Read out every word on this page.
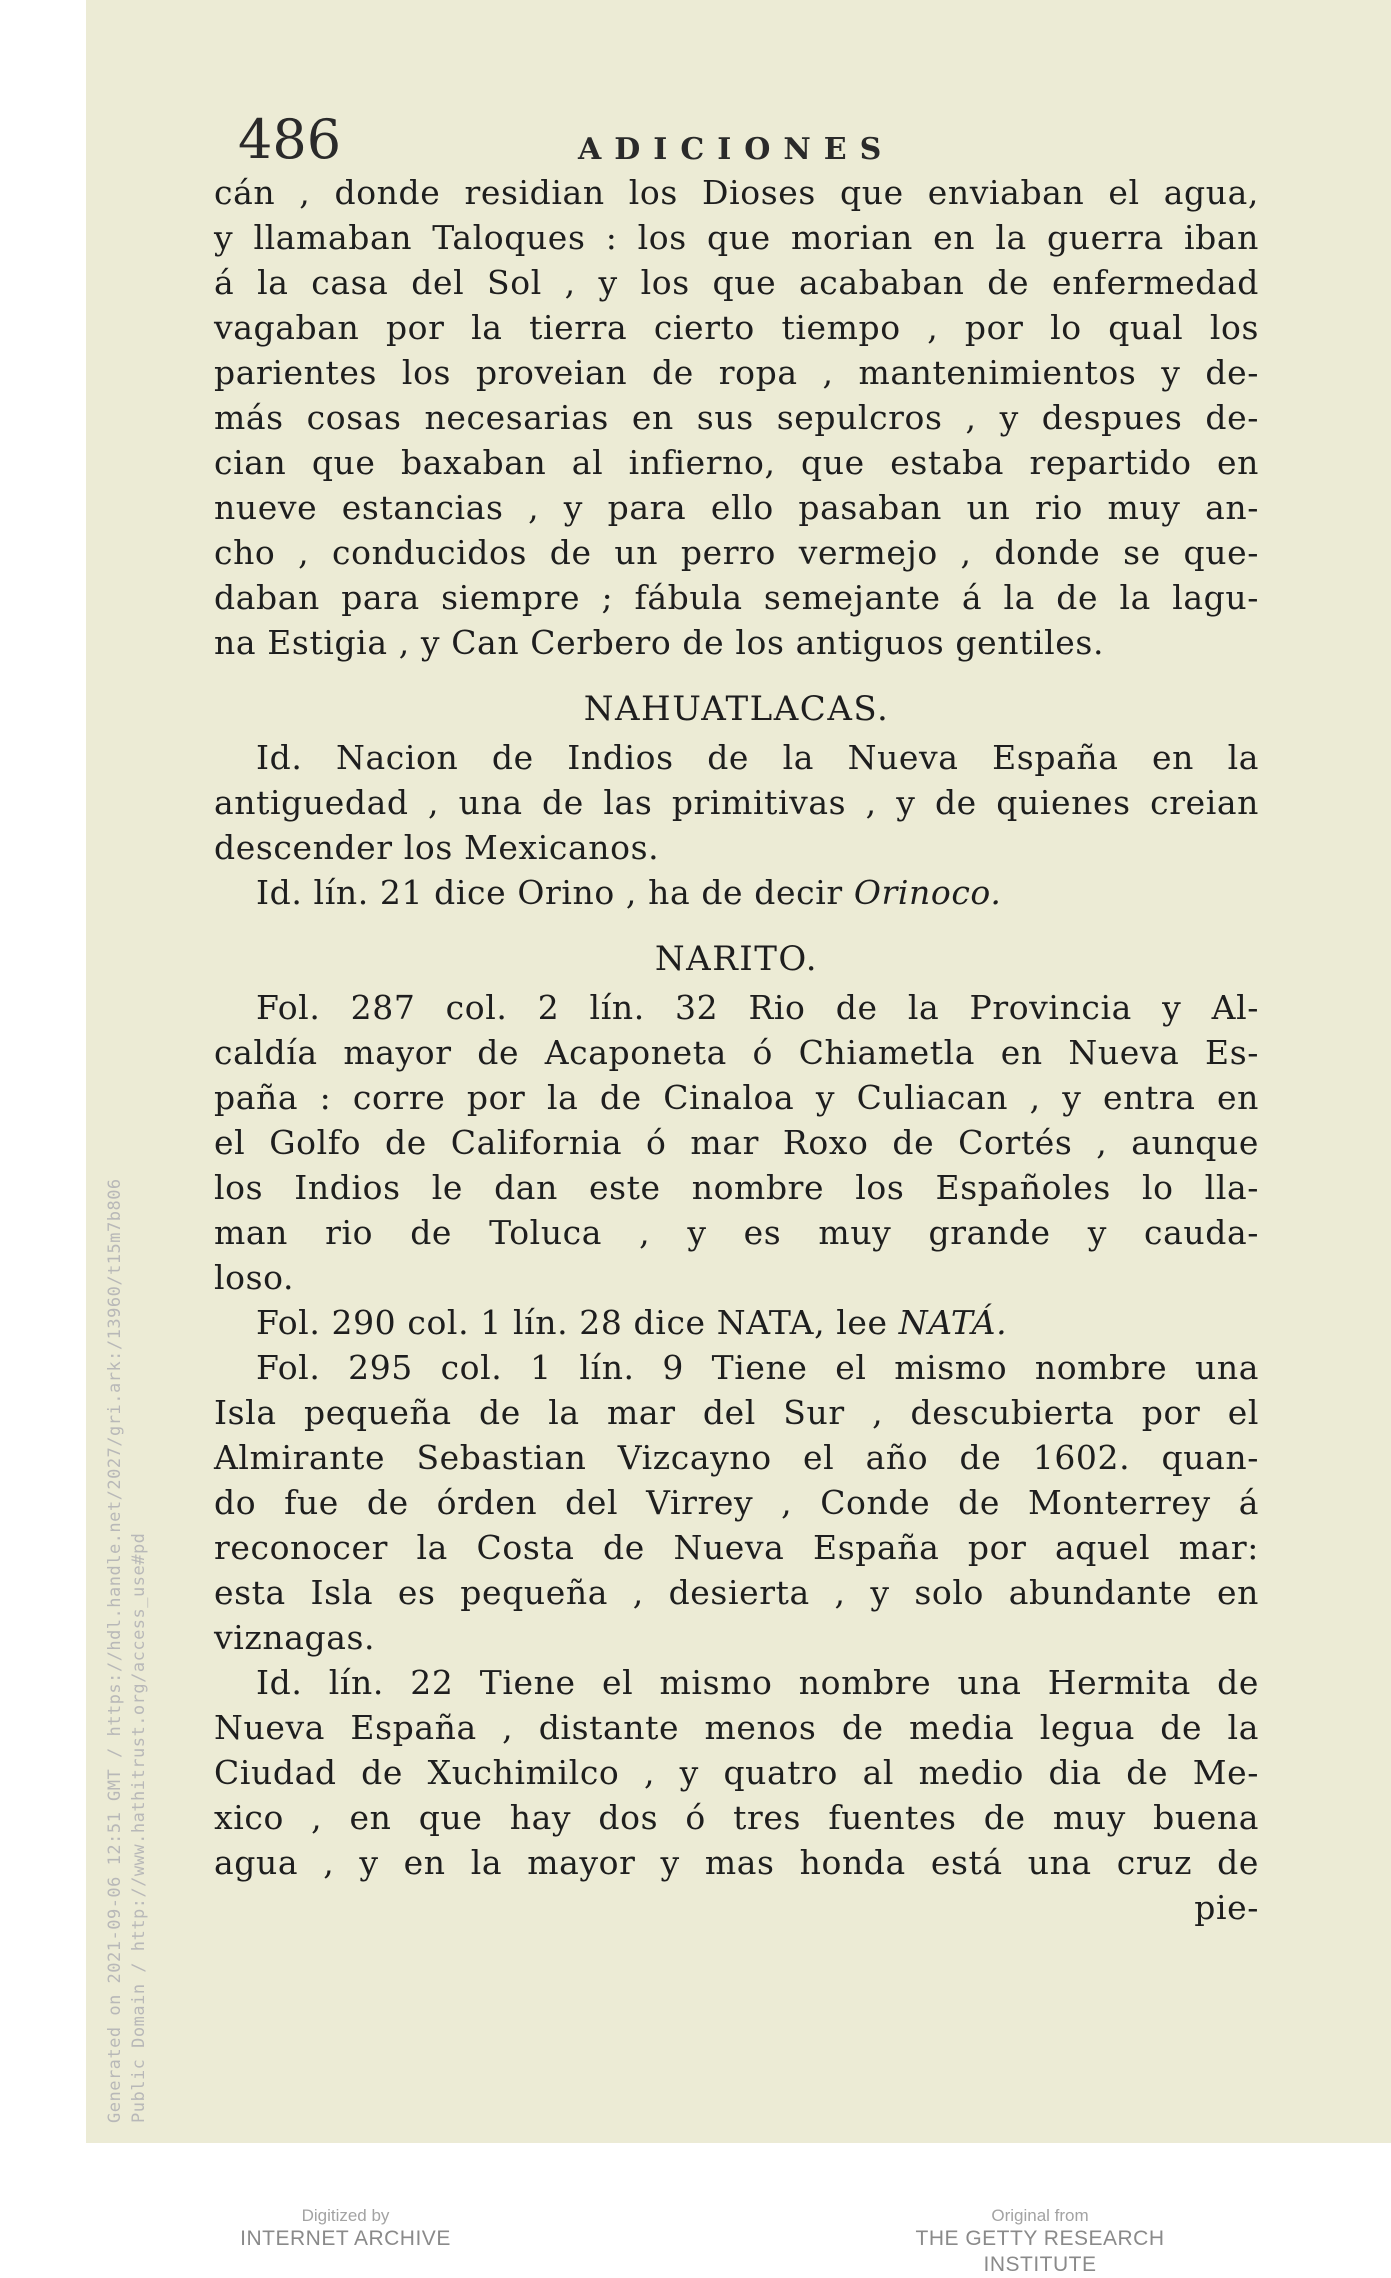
Generated on 2021-09-06 12:51 GMT / https://hdl.handle.net/2027/gri.ark:/13960/t15m7b806 Public Domain / http://www.hathitrust.org/access_use#pd
486	ADICIONES

cán , donde residian los Dioses que enviaban el agua,

y llamaban Taloques : los que morian en la guerra iban

á la casa del Sol , y los que acababan de enfermedad

vagaban por la tierra cierto tiempo , por lo qual los

parientes los proveian de ropa , mantenimientos y de-

más cosas necesarias en sus sepulcros , y despues de-

cian que baxaban al infierno, que estaba repartido en

nueve estancias , y para ello pasaban un rio muy an-

cho , conducidos de un perro vermejo , donde se que-

daban para siempre ; fábula semejante á la de la lagu-

na Estigia , y Can Cerbero de los antiguos gentiles.

NAHUATLACAS.

Id. Nacion de Indios de la Nueva España en la

antiguedad , una de las primitivas , y de quienes creian

descender los Mexicanos.

Id. lín. 21 dice Orino , ha de decir Orinoco.

NARITO.

Fol. 287 col. 2 lín. 32 Rio de la Provincia y Al-

caldía mayor de Acaponeta ó Chiametla en Nueva Es-

paña : corre por la de Cinaloa y Culiacan , y entra en

el Golfo de California ó mar Roxo de Cortés , aunque

los Indios le dan este nombre los Españoles lo lla-

man rio de Toluca , y es muy grande y cauda-

loso.

Fol. 290 col. 1 lín. 28 dice NATA, lee NATÁ.

Fol. 295 col. 1 lín. 9 Tiene el mismo nombre una

Isla pequeña de la mar del Sur , descubierta por el

Almirante Sebastian Vizcayno el año de 1602. quan-

do fue de órden del Virrey , Conde de Monterrey á

reconocer la Costa de Nueva España por aquel mar:

esta Isla es pequeña , desierta , y solo abundante en

viznagas.

Id. lín. 22 Tiene el mismo nombre una Hermita de

Nueva España , distante menos de media legua de la

Ciudad de Xuchimilco , y quatro al medio dia de Me-

xico , en que hay dos ó tres fuentes de muy buena

agua , y en la mayor y mas honda está una cruz de

pie-

Digitized by
INTERNET ARCHIVE
Original from
THE GETTY RESEARCH INSTITUTE
